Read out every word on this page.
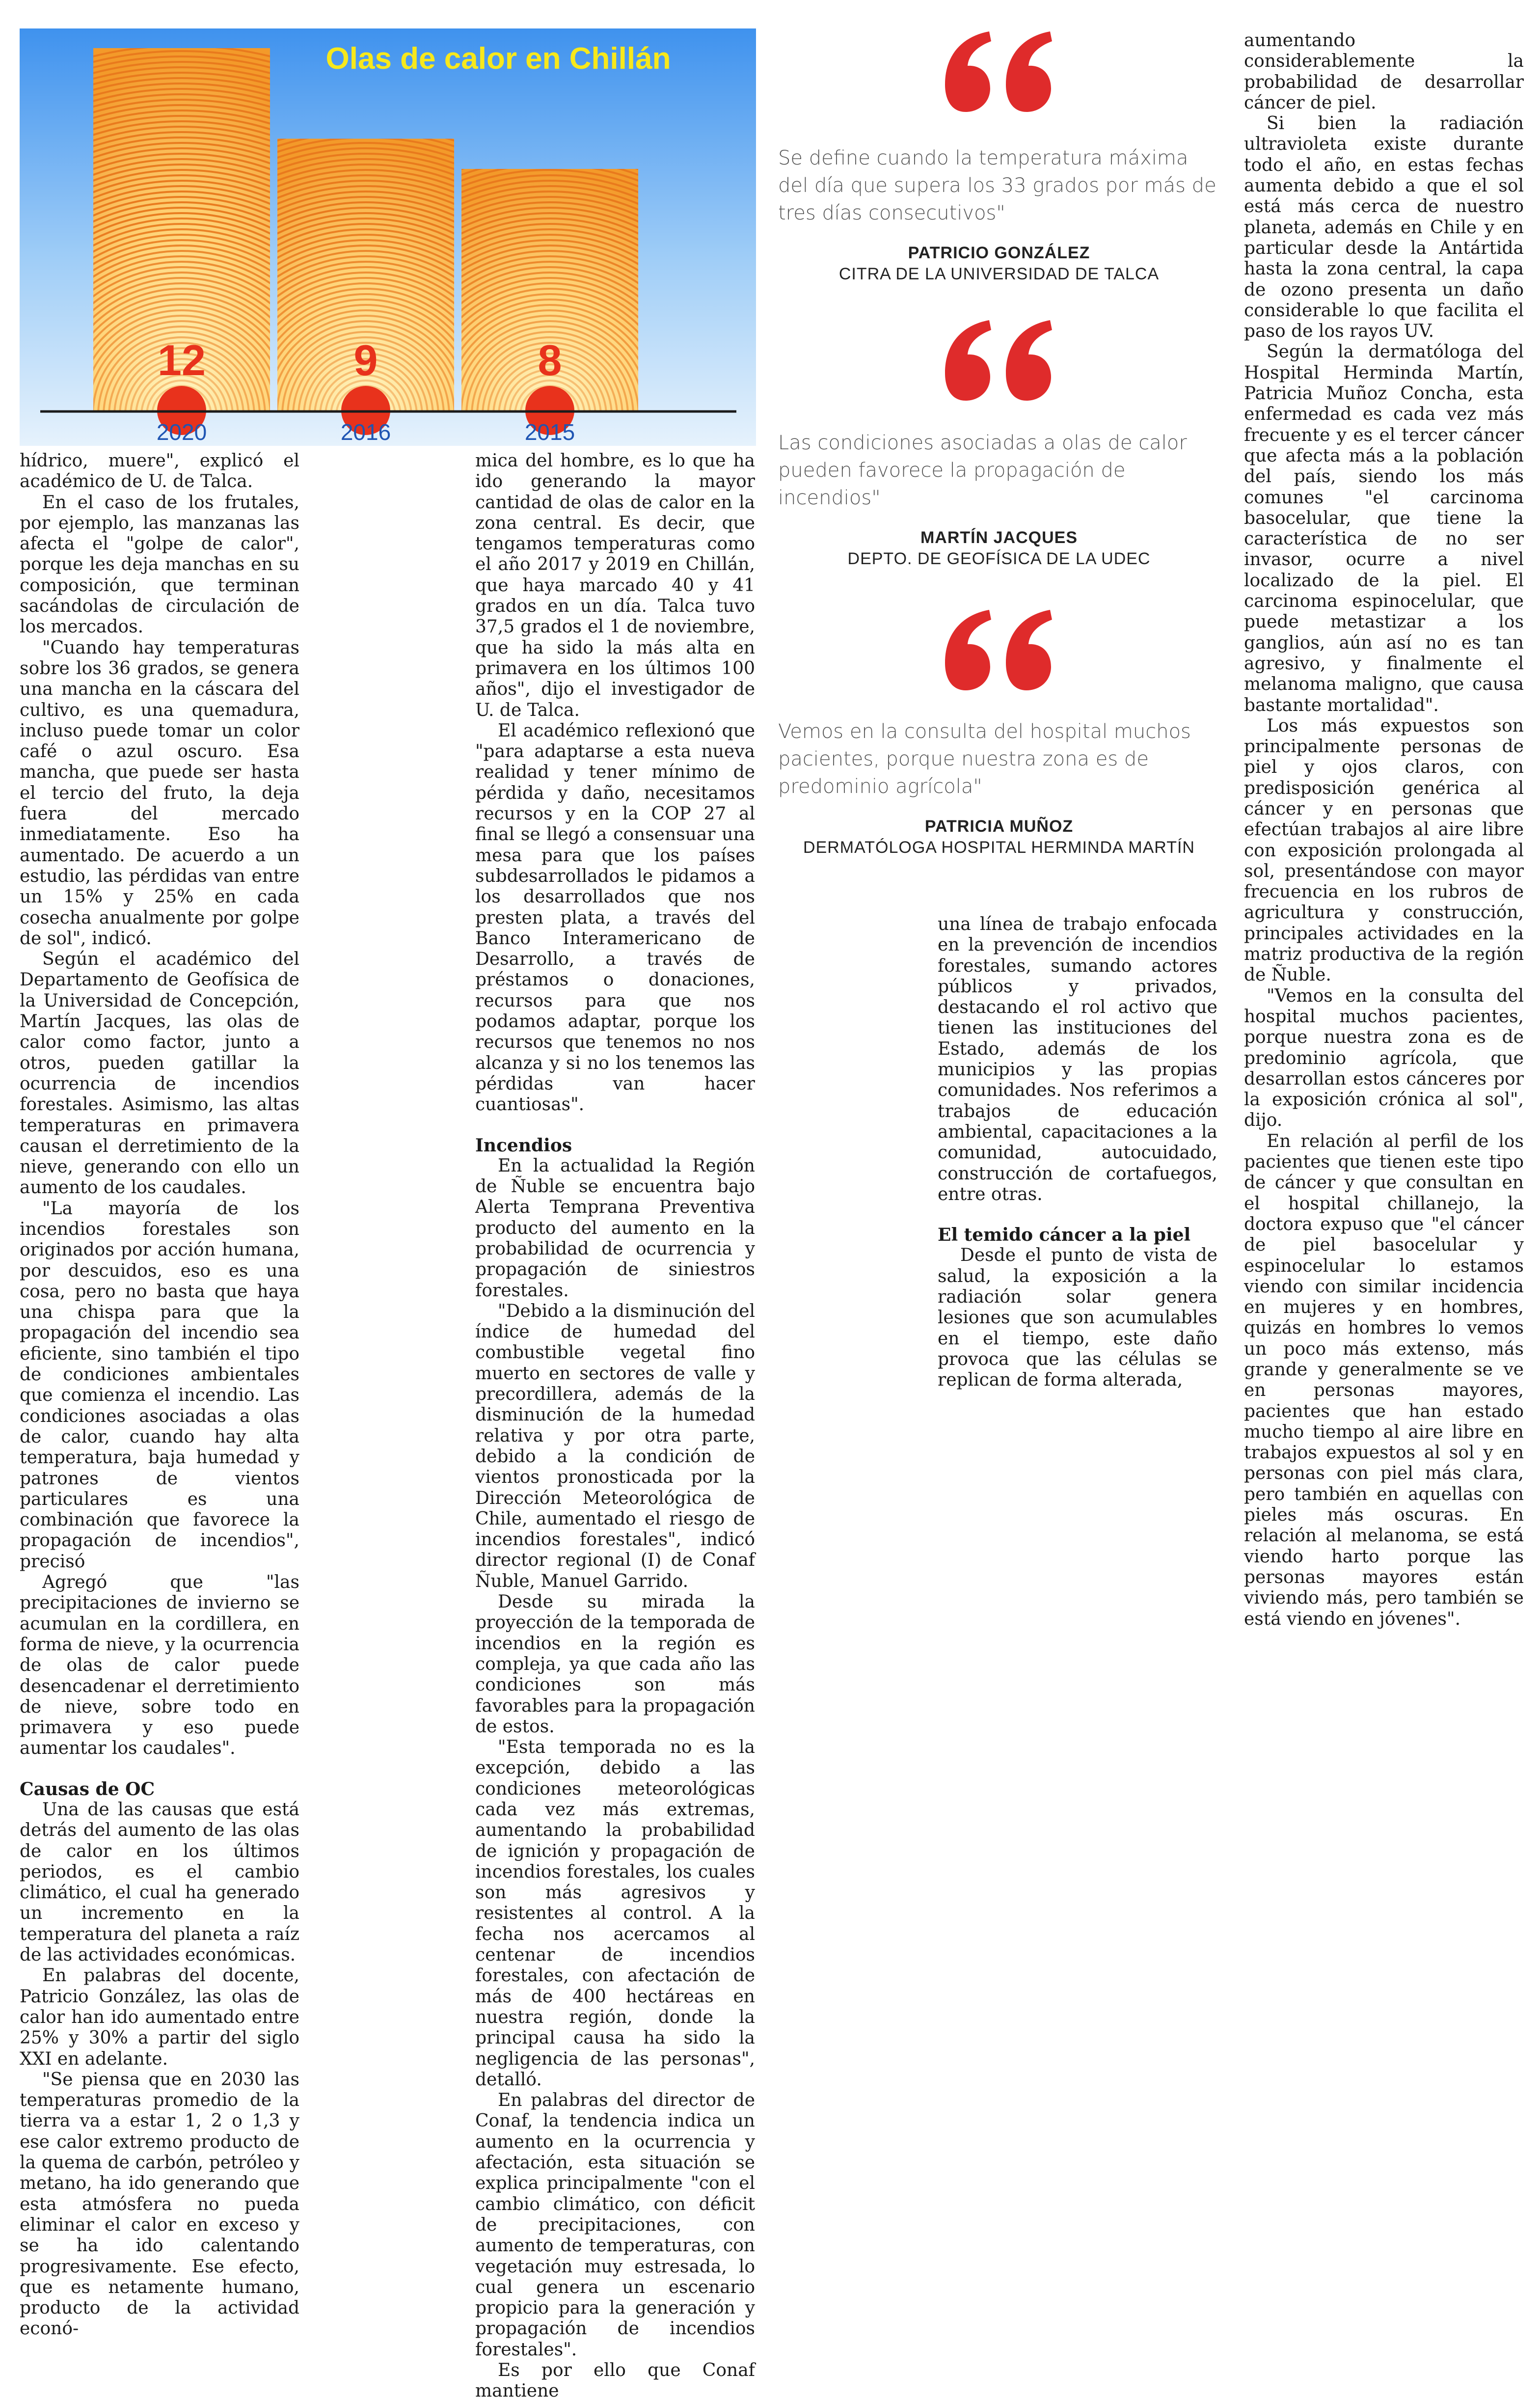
Olas de calor en Chillán
12
2020
9
2016
8
2015

hídrico, muere", explicó el académico de U. de Talca.

En el caso de los frutales, por ejemplo, las manzanas las afecta el "golpe de calor", porque les deja manchas en su composición, que terminan sacándolas de circulación de los mercados.

"Cuando hay temperaturas sobre los 36 grados, se genera una mancha en la cáscara del cultivo, es una quemadura, incluso puede tomar un color café o azul oscuro. Esa mancha, que puede ser hasta el tercio del fruto, la deja fuera del mercado inmediatamente. Eso ha aumentado. De acuerdo a un estudio, las pérdidas van entre un 15% y 25% en cada cosecha anualmente por golpe de sol", indicó.

Según el académico del Departamento de Geofísica de la Universidad de Concepción, Martín Jacques, las olas de calor como factor, junto a otros, pueden gatillar la ocurrencia de incendios forestales. Asimismo, las altas temperaturas en primavera causan el derretimiento de la nieve, generando con ello un aumento de los caudales.

"La mayoría de los incendios forestales son originados por acción humana, por descuidos, eso es una cosa, pero no basta que haya una chispa para que la propagación del incendio sea eficiente, sino también el tipo de condiciones ambientales que comienza el incendio. Las condiciones asociadas a olas de calor, cuando hay alta temperatura, baja humedad y patrones de vientos particulares es una combinación que favorece la propagación de incendios", precisó

Agregó que "las precipitaciones de invierno se acumulan en la cordillera, en forma de nieve, y la ocurrencia de olas de calor puede desencadenar el derretimiento de nieve, sobre todo en primavera y eso puede aumentar los caudales".

Causas de OC

Una de las causas que está detrás del aumento de las olas de calor en los últimos periodos, es el cambio climático, el cual ha generado un incremento en la temperatura del planeta a raíz de las actividades económicas.

En palabras del docente, Patricio González, las olas de calor han ido aumentado entre 25% y 30% a partir del siglo XXI en adelante.

"Se piensa que en 2030 las temperaturas promedio de la tierra va a estar 1, 2 o 1,3 y ese calor extremo producto de la quema de carbón, petróleo y metano, ha ido generando que esta atmósfera no pueda eliminar el calor en exceso y se ha ido calentando progresivamente. Ese efecto, que es netamente humano, producto de la actividad econó-

mica del hombre, es lo que ha ido generando la mayor cantidad de olas de calor en la zona central. Es decir, que tengamos temperaturas como el año 2017 y 2019 en Chillán, que haya marcado 40 y 41 grados en un día. Talca tuvo 37,5 grados el 1 de noviembre, que ha sido la más alta en primavera en los últimos 100 años", dijo el investigador de U. de Talca.

El académico reflexionó que "para adaptarse a esta nueva realidad y tener mínimo de pérdida y daño, necesitamos recursos y en la COP 27 al final se llegó a consensuar una mesa para que los países subdesarrollados le pidamos a los desarrollados que nos presten plata, a través del Banco Interamericano de Desarrollo, a través de préstamos o donaciones, recursos para que nos podamos adaptar, porque los recursos que tenemos no nos alcanza y si no los tenemos las pérdidas van hacer cuantiosas".

Incendios

En la actualidad la Región de Ñuble se encuentra bajo Alerta Temprana Preventiva producto del aumento en la probabilidad de ocurrencia y propagación de siniestros forestales.

"Debido a la disminución del índice de humedad del combustible vegetal fino muerto en sectores de valle y precordillera, además de la disminución de la humedad relativa y por otra parte, debido a la condición de vientos pronosticada por la Dirección Meteorológica de Chile, aumentado el riesgo de incendios forestales", indicó director regional (I) de Conaf Ñuble, Manuel Garrido.

Desde su mirada la proyección de la temporada de incendios en la región es compleja, ya que cada año las condiciones son más favorables para la propagación de estos.

"Esta temporada no es la excepción, debido a las condiciones meteorológicas cada vez más extremas, aumentando la probabilidad de ignición y propagación de incendios forestales, los cuales son más agresivos y resistentes al control. A la fecha nos acercamos al centenar de incendios forestales, con afectación de más de 400 hectáreas en nuestra región, donde la principal causa ha sido la negligencia de las personas", detalló.

En palabras del director de Conaf, la tendencia indica un aumento en la ocurrencia y afectación, esta situación se explica principalmente "con el cambio climático, con déficit de precipitaciones, con aumento de temperaturas, con vegetación muy estresada, lo cual genera un escenario propicio para la generación y propagación de incendios forestales".

Es por ello que Conaf mantiene

Se define cuando la temperatura máxima del día que supera los 33 grados por más de tres días consecutivos"

PATRICIO GONZÁLEZ
CITRA DE LA UNIVERSIDAD DE TALCA

Las condiciones asociadas a olas de calor pueden favorece la propagación de incendios"

MARTÍN JACQUES
DEPTO. DE GEOFÍSICA DE LA UDEC

Vemos en la consulta del hospital muchos pacientes, porque nuestra zona es de predominio agrícola"

PATRICIA MUÑOZ
DERMATÓLOGA HOSPITAL HERMINDA MARTÍN

una línea de trabajo enfocada en la prevención de incendios forestales, sumando actores públicos y privados, destacando el rol activo que tienen las instituciones del Estado, además de los municipios y las propias comunidades. Nos referimos a trabajos de educación ambiental, capacitaciones a la comunidad, autocuidado, construcción de cortafuegos, entre otras.

El temido cáncer a la piel

Desde el punto de vista de salud, la exposición a la radiación solar genera lesiones que son acumulables en el tiempo, este daño provoca que las células se replican de forma alterada,

aumentando considerablemente la probabilidad de desarrollar cáncer de piel.

Si bien la radiación ultravioleta existe durante todo el año, en estas fechas aumenta debido a que el sol está más cerca de nuestro planeta, además en Chile y en particular desde la Antártida hasta la zona central, la capa de ozono presenta un daño considerable lo que facilita el paso de los rayos UV.

Según la dermatóloga del Hospital Herminda Martín, Patricia Muñoz Concha, esta enfermedad es cada vez más frecuente y es el tercer cáncer que afecta más a la población del país, siendo los más comunes "el carcinoma basocelular, que tiene la característica de no ser invasor, ocurre a nivel localizado de la piel. El carcinoma espinocelular, que puede metastizar a los ganglios, aún así no es tan agresivo, y finalmente el melanoma maligno, que causa bastante mortalidad".

Los más expuestos son principalmente personas de piel y ojos claros, con predisposición genérica al cáncer y en personas que efectúan trabajos al aire libre con exposición prolongada al sol, presentándose con mayor frecuencia en los rubros de agricultura y construcción, principales actividades en la matriz productiva de la región de Ñuble.

"Vemos en la consulta del hospital muchos pacientes, porque nuestra zona es de predominio agrícola, que desarrollan estos cánceres por la exposición crónica al sol", dijo.

En relación al perfil de los pacientes que tienen este tipo de cáncer y que consultan en el hospital chillanejo, la doctora expuso que "el cáncer de piel basocelular y espinocelular lo estamos viendo con similar incidencia en mujeres y en hombres, quizás en hombres lo vemos un poco más extenso, más grande y generalmente se ve en personas mayores, pacientes que han estado mucho tiempo al aire libre en trabajos expuestos al sol y en personas con piel más clara, pero también en aquellas con pieles más oscuras. En relación al melanoma, se está viendo harto porque las personas mayores están viviendo más, pero también se está viendo en jóvenes".
